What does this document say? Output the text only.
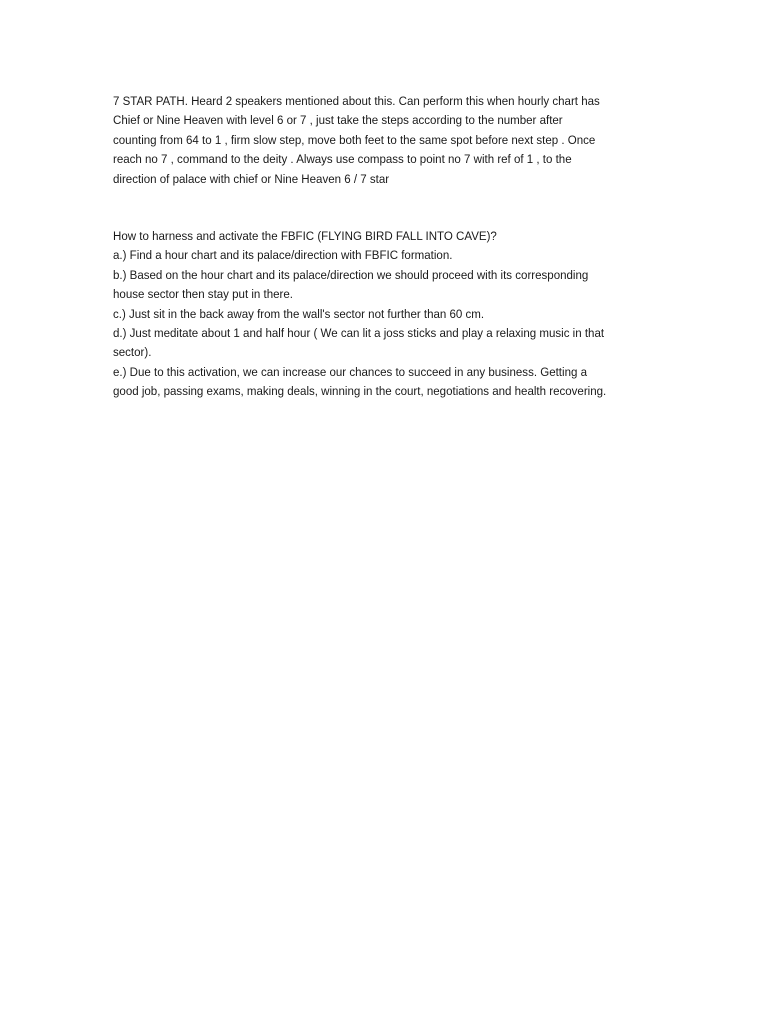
7 STAR PATH. Heard 2 speakers mentioned about this. Can perform this when hourly chart has
Chief or Nine Heaven with level 6 or 7 , just take the steps according to the number after
counting from 64 to 1 , firm slow step, move both feet to the same spot before next step . Once
reach no 7 , command to the deity . Always use compass to point no 7 with ref of 1 , to the
direction of palace with chief or Nine Heaven 6 / 7 star
How to harness and activate the FBFIC (FLYING BIRD FALL INTO CAVE)?
a.) Find a hour chart and its palace/direction with FBFIC formation.
b.) Based on the hour chart and its palace/direction we should proceed with its corresponding
house sector then stay put in there.
c.) Just sit in the back away from the wall's sector not further than 60 cm.
d.) Just meditate about 1 and half hour ( We can lit a joss sticks and play a relaxing music in that
sector).
e.) Due to this activation, we can increase our chances to succeed in any business. Getting a
good job, passing exams, making deals, winning in the court, negotiations and health recovering.
